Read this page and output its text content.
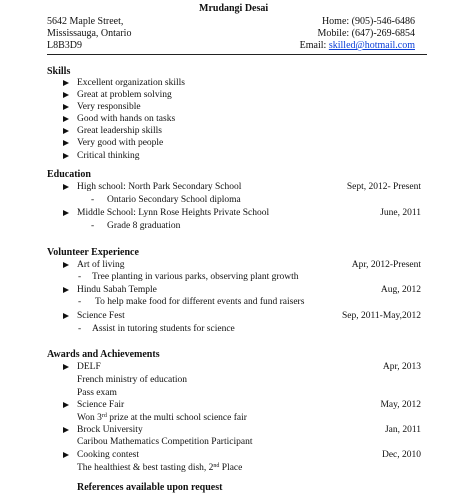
Mrudangi Desai
5642 Maple Street,
Mississauga, Ontario
L8B3D9
Home: (905)-546-6486
Mobile: (647)-269-6854
Email: skilled@hotmail.com
Skills
Excellent organization skills
Great at problem solving
Very responsible
Good with hands on tasks
Great leadership skills
Very good with people
Critical thinking
Education
High school: North Park Secondary School	Sept, 2012- Present
- Ontario Secondary School diploma
Middle School: Lynn Rose Heights Private School	June, 2011
- Grade 8 graduation
Volunteer Experience
Art of living	Apr, 2012-Present
- Tree planting in various parks, observing plant growth
Hindu Sabah Temple	Aug, 2012
- To help make food for different events and fund raisers
Science Fest	Sep, 2011-May,2012
- Assist in tutoring students for science
Awards and Achievements
DELF	Apr, 2013
French ministry of education
Pass exam
Science Fair	May, 2012
Won 3rd prize at the multi school science fair
Brock University	Jan, 2011
Caribou Mathematics Competition Participant
Cooking contest	Dec, 2010
The healthiest & best tasting dish, 2nd Place
References available upon request
